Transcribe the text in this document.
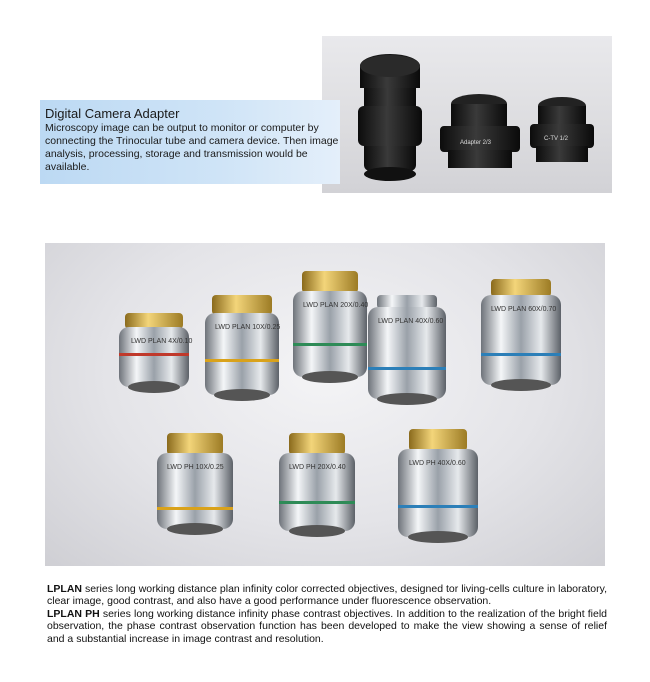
Adapter 2/3
C-TV 1/2
Digital Camera Adapter
Microscopy image can be output to monitor or computer by connecting the Trinocular tube and camera device. Then image analysis, processing, storage and transmission would be available.
LWD PLAN 4X/0.10
LWD PLAN 10X/0.25
LWD PLAN 20X/0.40
LWD PLAN 40X/0.60
LWD PLAN 60X/0.70
LWD PH 10X/0.25	LWD PH 20X/0.40
LWD PH 40X/0.60

LPLAN series long working distance plan infinity color corrected objectives, designed tor living-cells culture in laboratory, clear image, good contrast, and also have a good performance under fluorescence observation.

LPLAN PH series long working distance infinity phase contrast objectives. In addition to the realization of the bright field observation, the phase contrast observation function has been developed to make the view showing a sense of relief and a substantial increase in image contrast and resolution.
